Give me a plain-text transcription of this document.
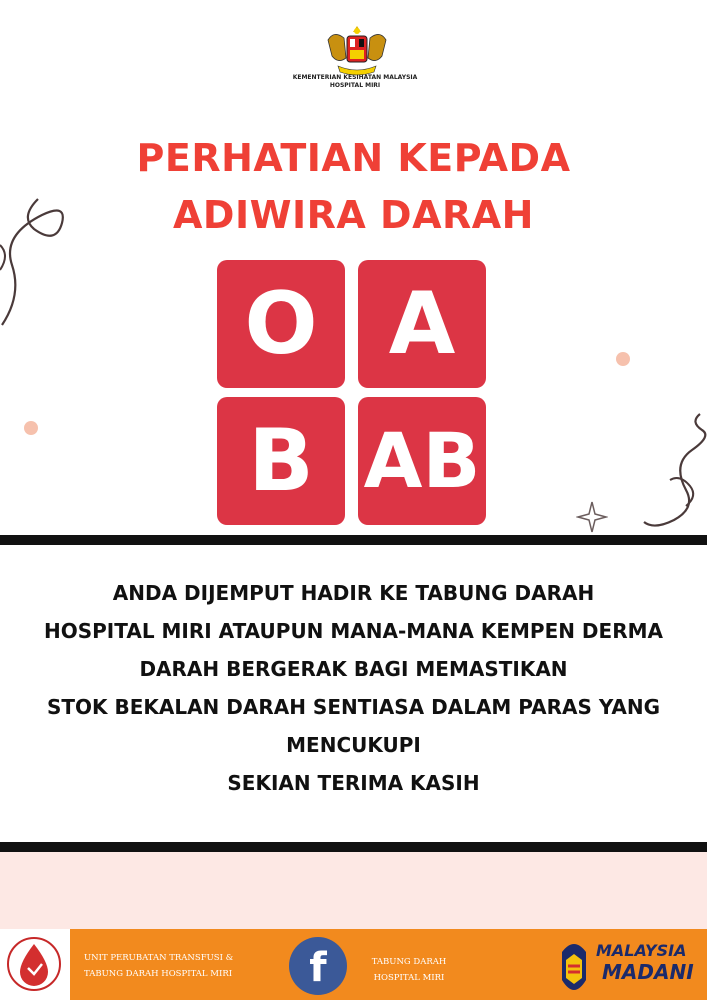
KEMENTERIAN KESIHATAN MALAYSIA
HOSPITAL MIRI
PERHATIAN KEPADA
ADIWIRA DARAH
O A
B AB
ANDA DIJEMPUT HADIR KE TABUNG DARAH
HOSPITAL MIRI ATAUPUN MANA-MANA KEMPEN DERMA
DARAH BERGERAK BAGI MEMASTIKAN
STOK BEKALAN DARAH SENTIASA DALAM PARAS YANG
MENCUKUPI
SEKIAN TERIMA KASIH
UNIT PERUBATAN TRANSFUSI &
TABUNG DARAH HOSPITAL MIRI	f	TABUNG DARAH
HOSPITAL MIRI
MALAYSIA
MADANI
